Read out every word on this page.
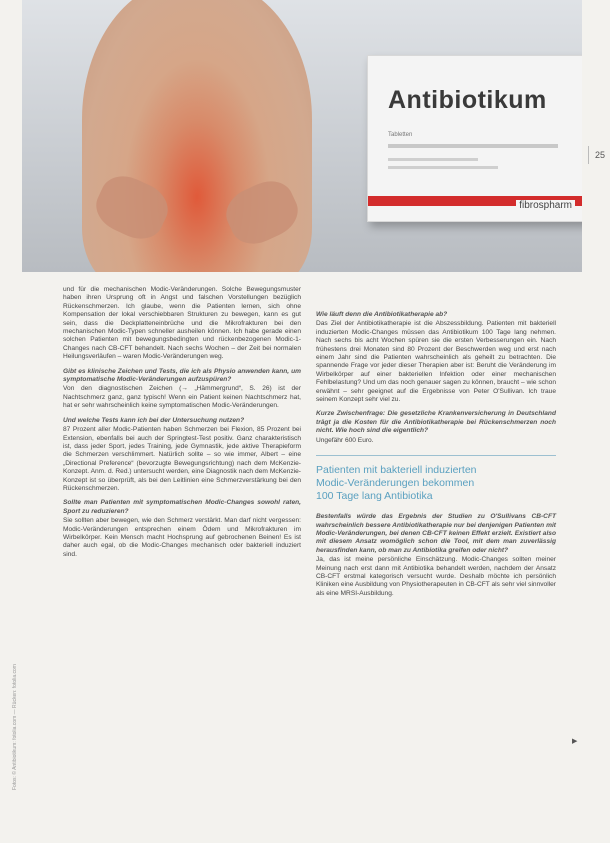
Antibiotikum
Tabletten
fibrospharm
25
Fotos: © Antibiotikum: fotolia.com — Rücken: fotolia.com

und für die mechanischen Modic-Veränderungen. Solche Bewegungsmuster haben ihren Ursprung oft in Angst und falschen Vorstellungen bezüglich Rückenschmerzen. Ich glaube, wenn die Patienten lernen, sich ohne Kompensation der lokal verschiebbaren Strukturen zu bewegen, kann es gut sein, dass die Deckplatteneinbrüche und die Mikrofrakturen bei den mechanischen Modic-Typen schneller ausheilen können. Ich habe gerade einen solchen Patienten mit bewegungsbedingten und rückenbezogenen Modic-1-Changes nach CB-CFT behandelt. Nach sechs Wochen – der Zeit bei normalen Heilungsverläufen – waren Modic-Veränderungen weg.

Gibt es klinische Zeichen und Tests, die ich als Physio anwenden kann, um symptomatische Modic-Veränderungen aufzuspüren?

Von den diagnostischen Zeichen (→ „Hämmergrund“, S. 26) ist der Nachtschmerz ganz, ganz typisch! Wenn ein Patient keinen Nachtschmerz hat, hat er sehr wahrscheinlich keine symptomatischen Modic-Veränderungen.

Und welche Tests kann ich bei der Untersuchung nutzen?

87 Prozent aller Modic-Patienten haben Schmerzen bei Flexion, 85 Prozent bei Extension, ebenfalls bei auch der Springtest-Test positiv. Ganz charakteristisch ist, dass jeder Sport, jedes Training, jede Gymnastik, jede aktive Therapieform die Schmerzen verschlimmert. Natürlich sollte – so wie immer, Albert – eine „Directional Preference“ (bevorzugte Bewegungsrichtung) nach dem McKenzie-Konzept. Anm. d. Red.) untersucht werden, eine Diagnostik nach dem McKenzie-Konzept ist so überprüft, als bei den Leitlinien eine Schmerzverstärkung bei den Rückenschmerzen.

Sollte man Patienten mit symptomatischen Modic-Changes sowohl raten, Sport zu reduzieren?

Sie sollten aber bewegen, wie den Schmerz verstärkt. Man darf nicht vergessen: Modic-Veränderungen entsprechen einem Ödem und Mikrofrakturen im Wirbelkörper. Kein Mensch macht Hochsprung auf gebrochenen Beinen! Es ist daher auch egal, ob die Modic-Changes mechanisch oder bakteriell induziert sind.

Wie läuft denn die Antibiotikatherapie ab?

Das Ziel der Antibiotikatherapie ist die Abszessbildung. Patienten mit bakteriell induzierten Modic-Changes müssen das Antibiotikum 100 Tage lang nehmen. Nach sechs bis acht Wochen spüren sie die ersten Verbesserungen ein. Nach frühestens drei Monaten sind 80 Prozent der Beschwerden weg und erst nach einem Jahr sind die Patienten wahrscheinlich als geheilt zu betrachten. Die spannende Frage vor jeder dieser Therapien aber ist: Beruht die Veränderung im Wirbelkörper auf einer bakteriellen Infektion oder einer mechanischen Fehlbelastung? Und um das noch genauer sagen zu können, braucht – wie schon erwähnt – sehr geeignet auf die Ergebnisse von Peter O'Sullivan. Ich traue seinem Konzept sehr viel zu.

Kurze Zwischenfrage: Die gesetzliche Krankenversicherung in Deutschland trägt ja die Kosten für die Antibiotikatherapie bei Rückenschmerzen noch nicht. Wie hoch sind die eigentlich?

Ungefähr 600 Euro.

Patienten mit bakteriell induzierten
Modic-Veränderungen bekommen
100 Tage lang Antibiotika

Bestenfalls würde das Ergebnis der Studien zu O'Sullivans CB-CFT wahrscheinlich bessere Antibiotikatherapie nur bei denjenigen Patienten mit Modic-Veränderungen, bei denen CB-CFT keinen Effekt erzielt. Existiert also mit diesem Ansatz womöglich schon die Tool, mit dem man zuverlässig herausfinden kann, ob man zu Antibiotika greifen oder nicht?

Ja, das ist meine persönliche Einschätzung. Modic-Changes sollten meiner Meinung nach erst dann mit Antibiotika behandelt werden, nachdem der Ansatz CB-CFT erstmal kategorisch versucht wurde. Deshalb möchte ich persönlich Kliniken eine Ausbildung von Physiotherapeuten in CB-CFT als sehr viel sinnvoller als eine MRSI-Ausbildung.

▶
